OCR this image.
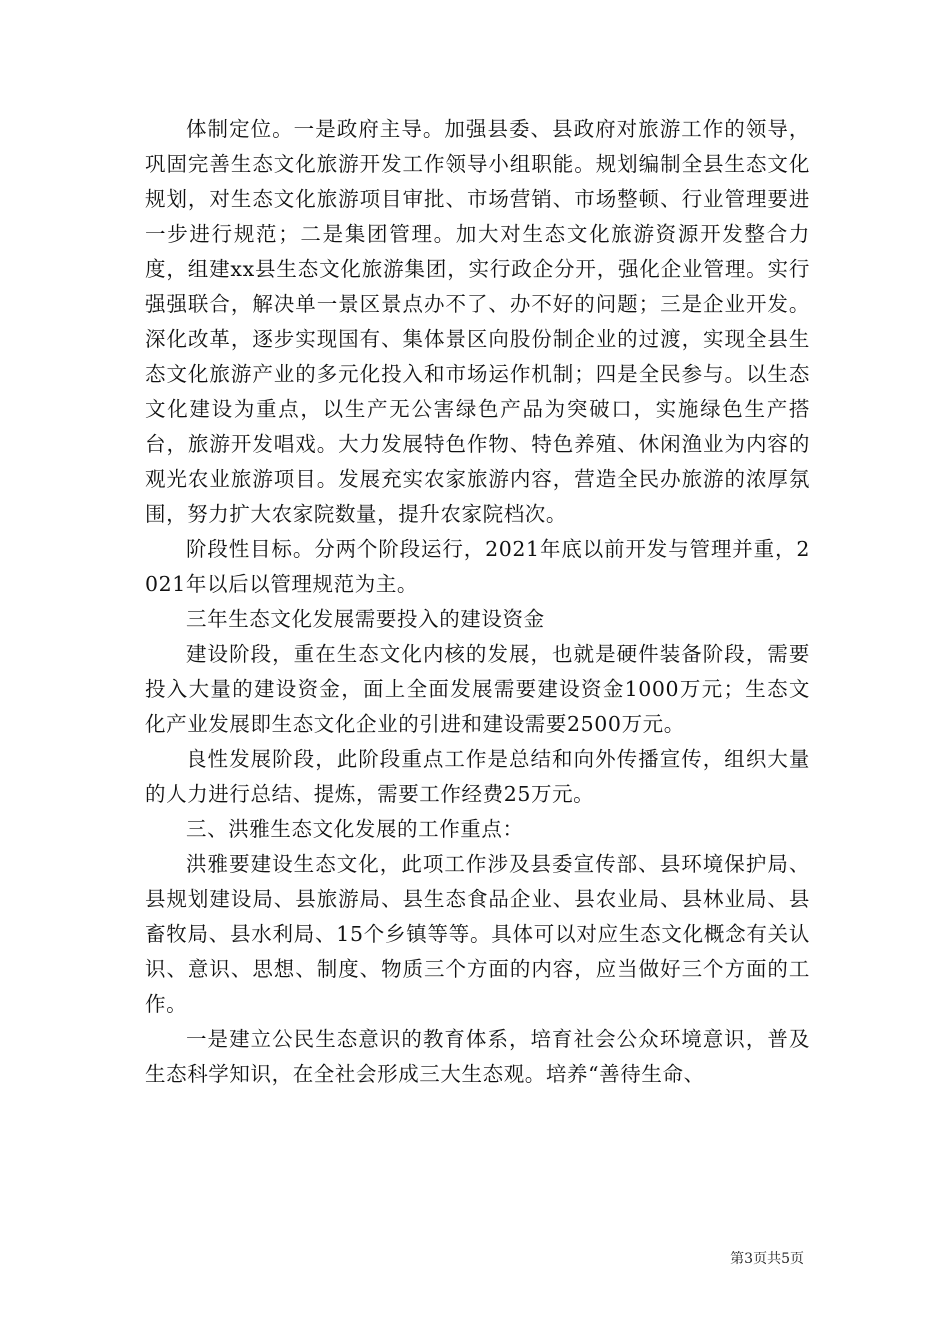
体制定位。一是政府主导。加强县委、县政府对旅游工作的领导，巩固完善生态文化旅游开发工作领导小组职能。规划编制全县生态文化规划，对生态文化旅游项目审批、市场营销、市场整顿、行业管理要进一步进行规范；二是集团管理。加大对生态文化旅游资源开发整合力度，组建xx县生态文化旅游集团，实行政企分开，强化企业管理。实行强强联合，解决单一景区景点办不了、办不好的问题；三是企业开发。深化改革，逐步实现国有、集体景区向股份制企业的过渡，实现全县生态文化旅游产业的多元化投入和市场运作机制；四是全民参与。以生态文化建设为重点，以生产无公害绿色产品为突破口，实施绿色生产搭台，旅游开发唱戏。大力发展特色作物、特色养殖、休闲渔业为内容的观光农业旅游项目。发展充实农家旅游内容，营造全民办旅游的浓厚氛围，努力扩大农家院数量，提升农家院档次。

阶段性目标。分两个阶段运行，2021年底以前开发与管理并重，2021年以后以管理规范为主。

三年生态文化发展需要投入的建设资金

建设阶段，重在生态文化内核的发展，也就是硬件装备阶段，需要投入大量的建设资金，面上全面发展需要建设资金1000万元；生态文化产业发展即生态文化企业的引进和建设需要2500万元。

良性发展阶段，此阶段重点工作是总结和向外传播宣传，组织大量的人力进行总结、提炼，需要工作经费25万元。

三、洪雅生态文化发展的工作重点：

洪雅要建设生态文化，此项工作涉及县委宣传部、县环境保护局、县规划建设局、县旅游局、县生态食品企业、县农业局、县林业局、县畜牧局、县水利局、15个乡镇等等。具体可以对应生态文化概念有关认识、意识、思想、制度、物质三个方面的内容，应当做好三个方面的工作。

一是建立公民生态意识的教育体系，培育社会公众环境意识，普及生态科学知识，在全社会形成三大生态观。培养“善待生命、

第3页共5页
